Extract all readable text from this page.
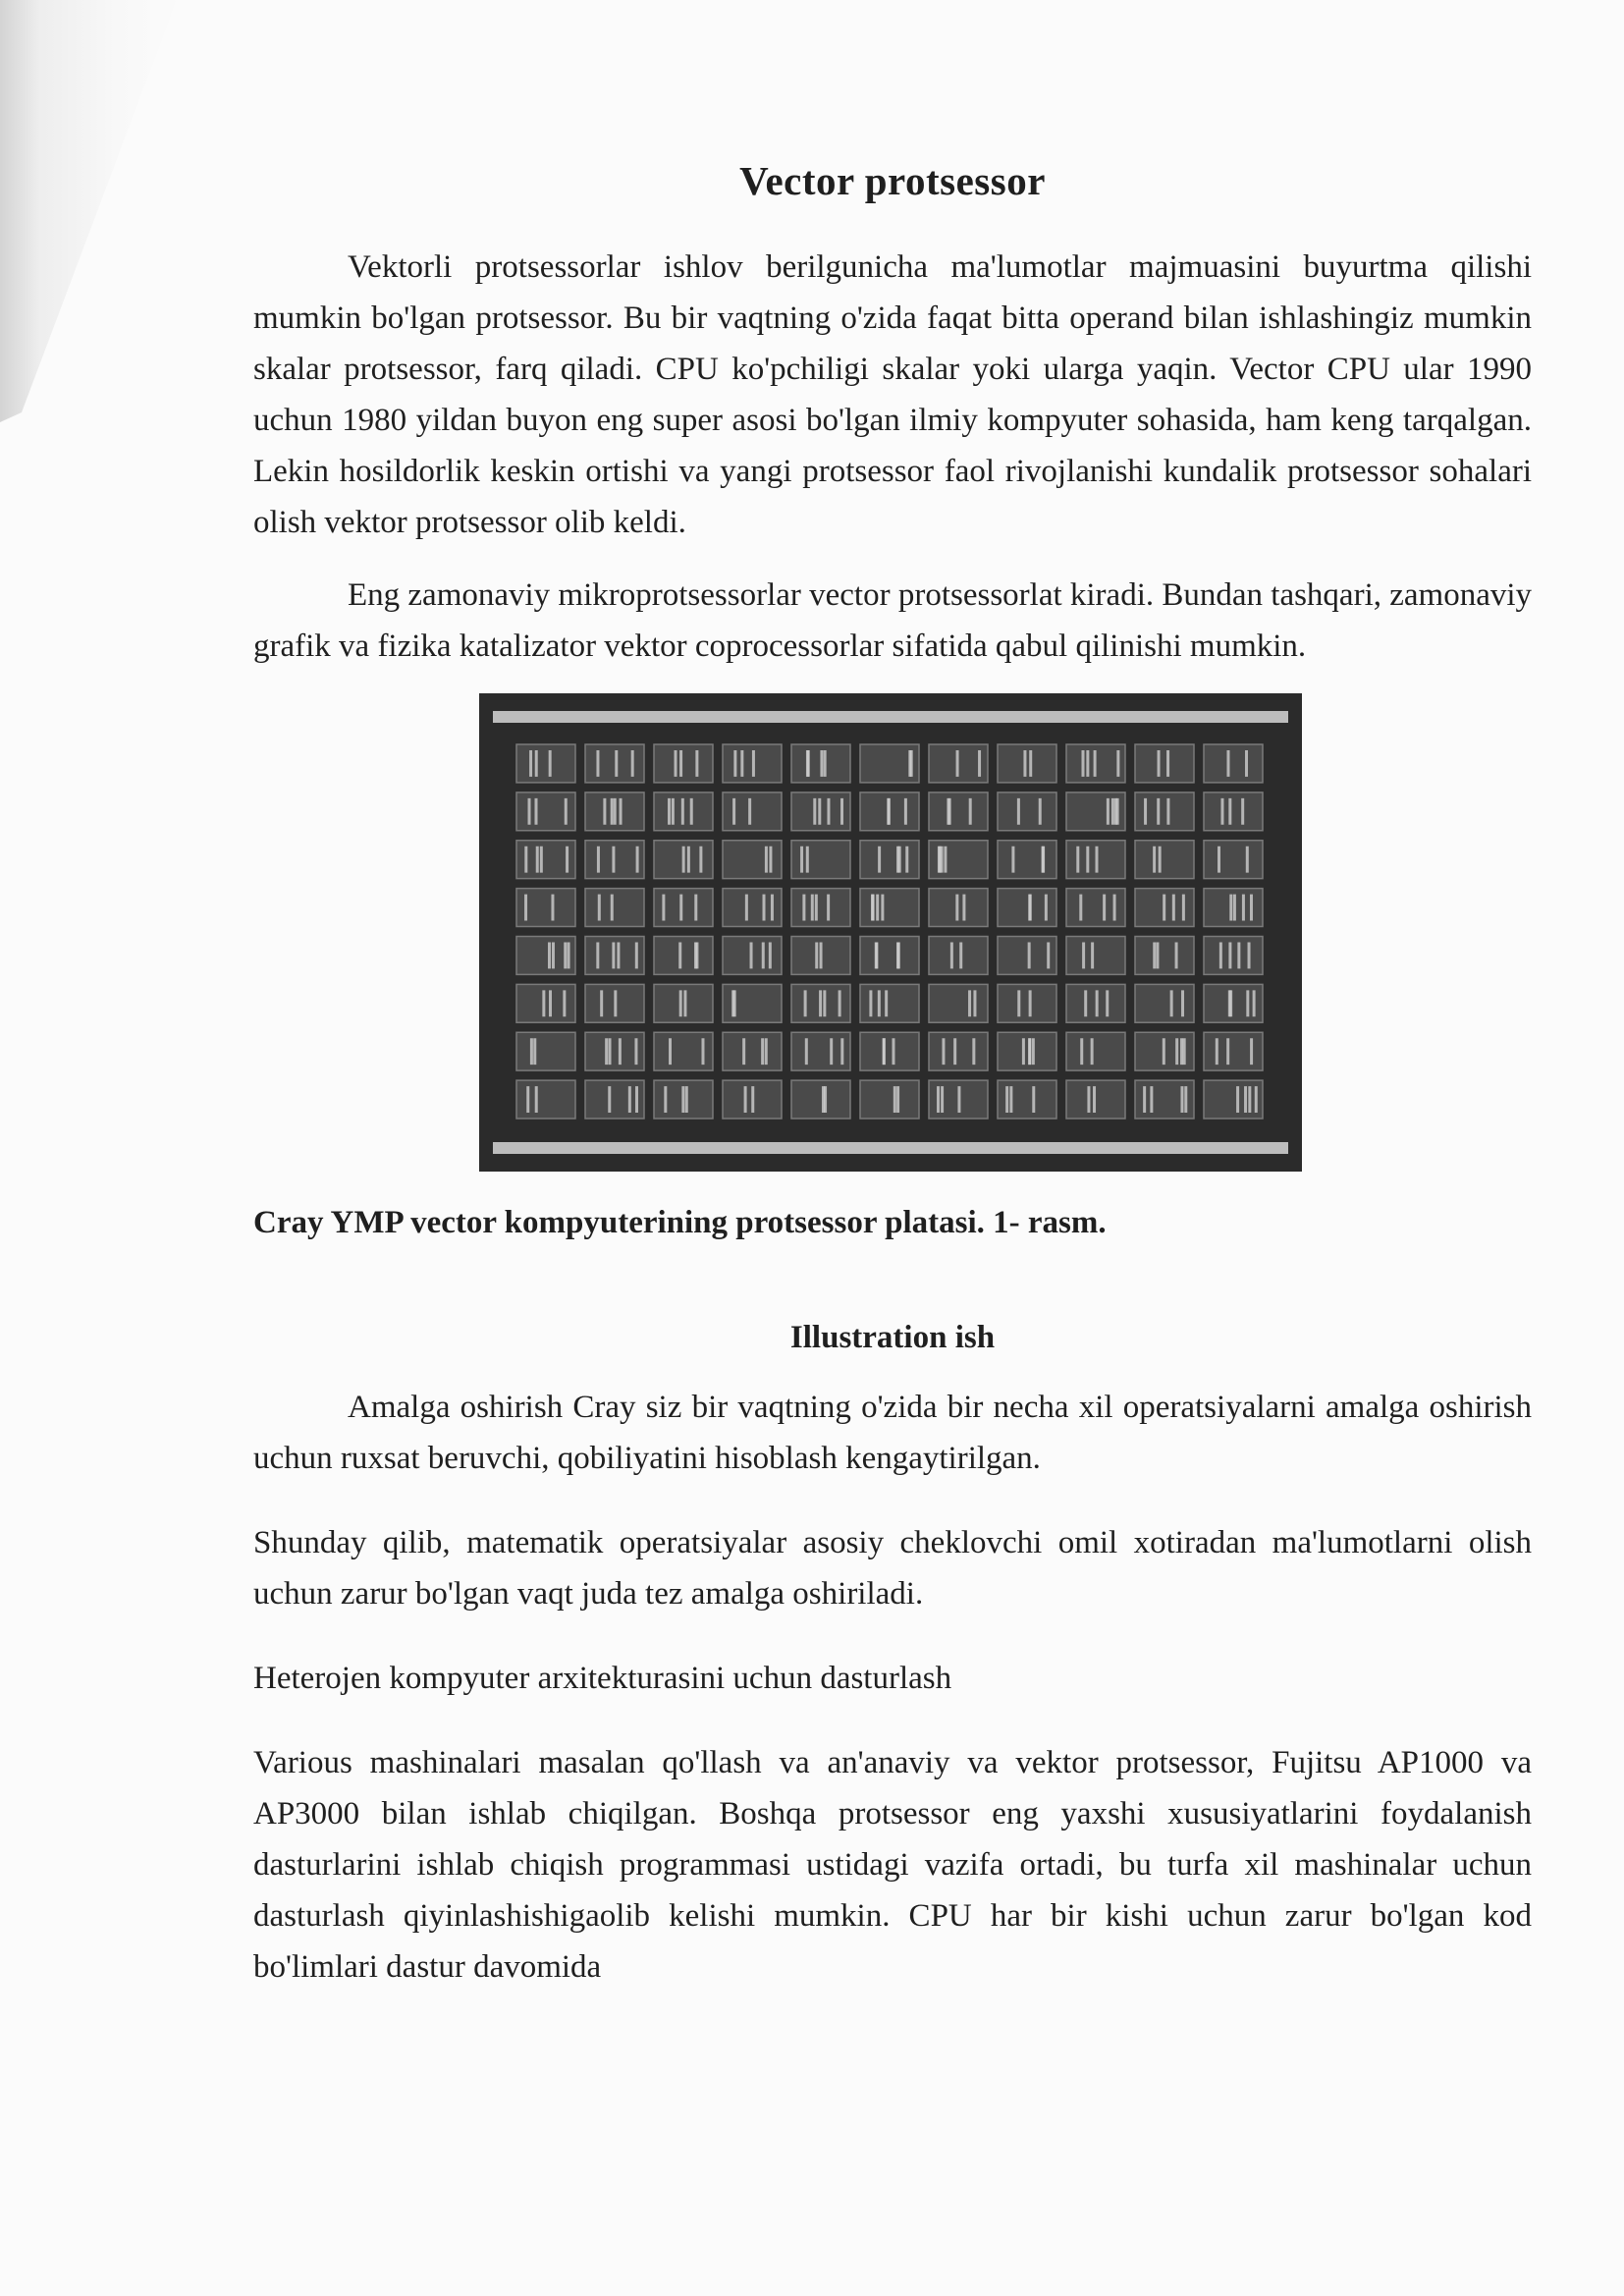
Vector protsessor

Vektorli protsessorlar ishlov berilgunicha ma'lumotlar majmuasini buyurtma qilishi mumkin bo'lgan protsessor. Bu bir vaqtning o'zida faqat bitta operand bilan ishlashingiz mumkin skalar protsessor, farq qiladi. CPU ko'pchiligi skalar yoki ularga yaqin. Vector CPU ular 1990 uchun 1980 yildan buyon eng super asosi bo'lgan ilmiy kompyuter sohasida, ham keng tarqalgan. Lekin hosildorlik keskin ortishi va yangi protsessor faol rivojlanishi kundalik protsessor sohalari olish vektor protsessor olib keldi.

Eng zamonaviy mikroprotsessorlar vector protsessorlat kiradi. Bundan tashqari, zamonaviy grafik va fizika katalizator vektor coprocessorlar sifatida qabul qilinishi mumkin.

Cray YMP vector kompyuterining protsessor platasi. 1- rasm.
Illustration ish

Amalga oshirish Cray siz bir vaqtning o'zida bir necha xil operatsiyalarni amalga oshirish uchun ruxsat beruvchi, qobiliyatini hisoblash kengaytirilgan.

Shunday qilib, matematik operatsiyalar asosiy cheklovchi omil xotiradan ma'lumotlarni olish uchun zarur bo'lgan vaqt juda tez amalga oshiriladi.

Heterojen kompyuter arxitekturasini uchun dasturlash

Various mashinalari masalan qo'llash va an'anaviy va vektor protsessor, Fujitsu AP1000 va AP3000 bilan ishlab chiqilgan. Boshqa protsessor eng yaxshi xususiyatlarini foydalanish dasturlarini ishlab chiqish programmasi ustidagi vazifa ortadi, bu turfa xil mashinalar uchun dasturlash qiyinlashishigaolib kelishi mumkin. CPU har bir kishi uchun zarur bo'lgan kod bo'limlari dastur davomida
